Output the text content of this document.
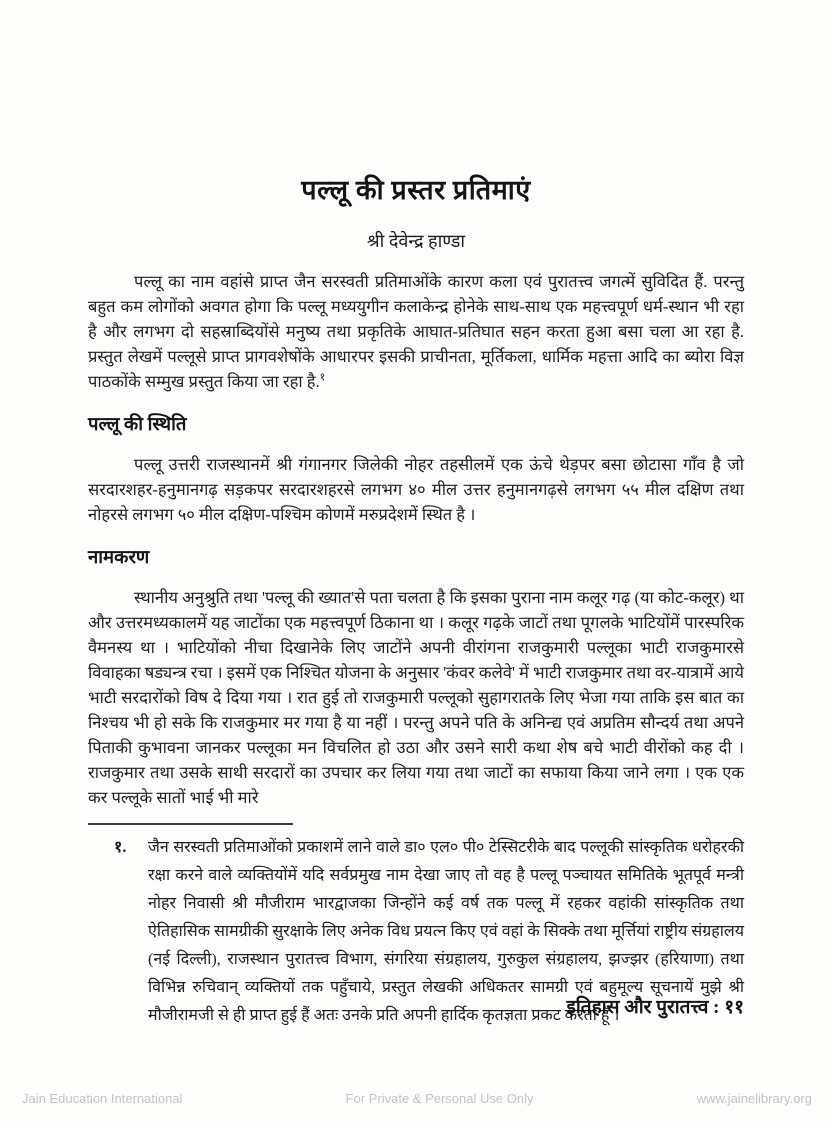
पल्लू की प्रस्तर प्रतिमाएं
श्री देवेन्द्र हाण्डा

पल्लू का नाम वहांसे प्राप्त जैन सरस्वती प्रतिमाओंके कारण कला एवं पुरातत्त्व जगत्में सुविदित हैं. परन्तु बहुत कम लोगोंको अवगत होगा कि पल्लू मध्ययुगीन कलाकेन्द्र होनेके साथ-साथ एक महत्त्वपूर्ण धर्म-स्थान भी रहा है और लगभग दो सहस्राब्दियोंसे मनुष्य तथा प्रकृतिके आघात-प्रतिघात सहन करता हुआ बसा चला आ रहा है. प्रस्तुत लेखमें पल्लूसे प्राप्त प्रागवशेषोंके आधारपर इसकी प्राचीनता, मूर्तिकला, धार्मिक महत्ता आदि का ब्योरा विज्ञ पाठकोंके सम्मुख प्रस्तुत किया जा रहा है.$^१$

पल्लू की स्थिति

पल्लू उत्तरी राजस्थानमें श्री गंगानगर जिलेकी नोहर तहसीलमें एक ऊंचे थेड़पर बसा छोटासा गाँव है जो सरदारशहर-हनुमानगढ़ सड़कपर सरदारशहरसे लगभग ४० मील उत्तर हनुमानगढ़से लगभग ५५ मील दक्षिण तथा नोहरसे लगभग ५० मील दक्षिण-पश्चिम कोणमें मरुप्रदेशमें स्थित है ।

नामकरण

स्थानीय अनुश्रुति तथा 'पल्लू की ख्यात'से पता चलता है कि इसका पुराना नाम कलूर गढ़ (या कोट-कलूर) था और उत्तरमध्यकालमें यह जाटोंका एक महत्त्वपूर्ण ठिकाना था । कलूर गढ़के जाटों तथा पूगलके भाटियोंमें पारस्परिक वैमनस्य था । भाटियोंको नीचा दिखानेके लिए जाटोंने अपनी वीरांगना राजकुमारी पल्लूका भाटी राजकुमारसे विवाहका षड्यन्त्र रचा । इसमें एक निश्चित योजना के अनुसार 'कंवर कलेवे' में भाटी राजकुमार तथा वर-यात्रामें आये भाटी सरदारोंको विष दे दिया गया । रात हुई तो राजकुमारी पल्लूको सुहागरातके लिए भेजा गया ताकि इस बात का निश्चय भी हो सके कि राजकुमार मर गया है या नहीं । परन्तु अपने पति के अनिन्द्य एवं अप्रतिम सौन्दर्य तथा अपने पिताकी कुभावना जानकर पल्लूका मन विचलित हो उठा और उसने सारी कथा शेष बचे भाटी वीरोंको कह दी । राजकुमार तथा उसके साथी सरदारों का उपचार कर लिया गया तथा जाटों का सफाया किया जाने लगा । एक एक कर पल्लूके सातों भाई भी मारे

१.	जैन सरस्वती प्रतिमाओंको प्रकाशमें लाने वाले डा० एल० पी० टेस्सिटरीके बाद पल्लूकी सांस्कृतिक धरोहरकी रक्षा करने वाले व्यक्तियोंमें यदि सर्वप्रमुख नाम देखा जाए तो वह है पल्लू पञ्चायत समितिके भूतपूर्व मन्त्री नोहर निवासी श्री मौजीराम भारद्वाजका जिन्होंने कई वर्ष तक पल्लू में रहकर वहांकी सांस्कृतिक तथा ऐतिहासिक सामग्रीकी सुरक्षाके लिए अनेक विध प्रयत्न किए एवं वहां के सिक्के तथा मूर्त्तियां राष्ट्रीय संग्रहालय (नई दिल्ली), राजस्थान पुरातत्त्व विभाग, संगरिया संग्रहालय, गुरुकुल संग्रहालय, झज्झर (हरियाणा) तथा विभिन्न रुचिवान् व्यक्तियों तक पहुँचाये, प्रस्तुत लेखकी अधिकतर सामग्री एवं बहुमूल्य सूचनायें मुझे श्री मौजीरामजी से ही प्राप्त हुई हैं अतः उनके प्रति अपनी हार्दिक कृतज्ञता प्रकट करता हूँ ।
इतिहास और पुरातत्त्व : ११
Jain Education International	For Private & Personal Use Only	www.jainelibrary.org
